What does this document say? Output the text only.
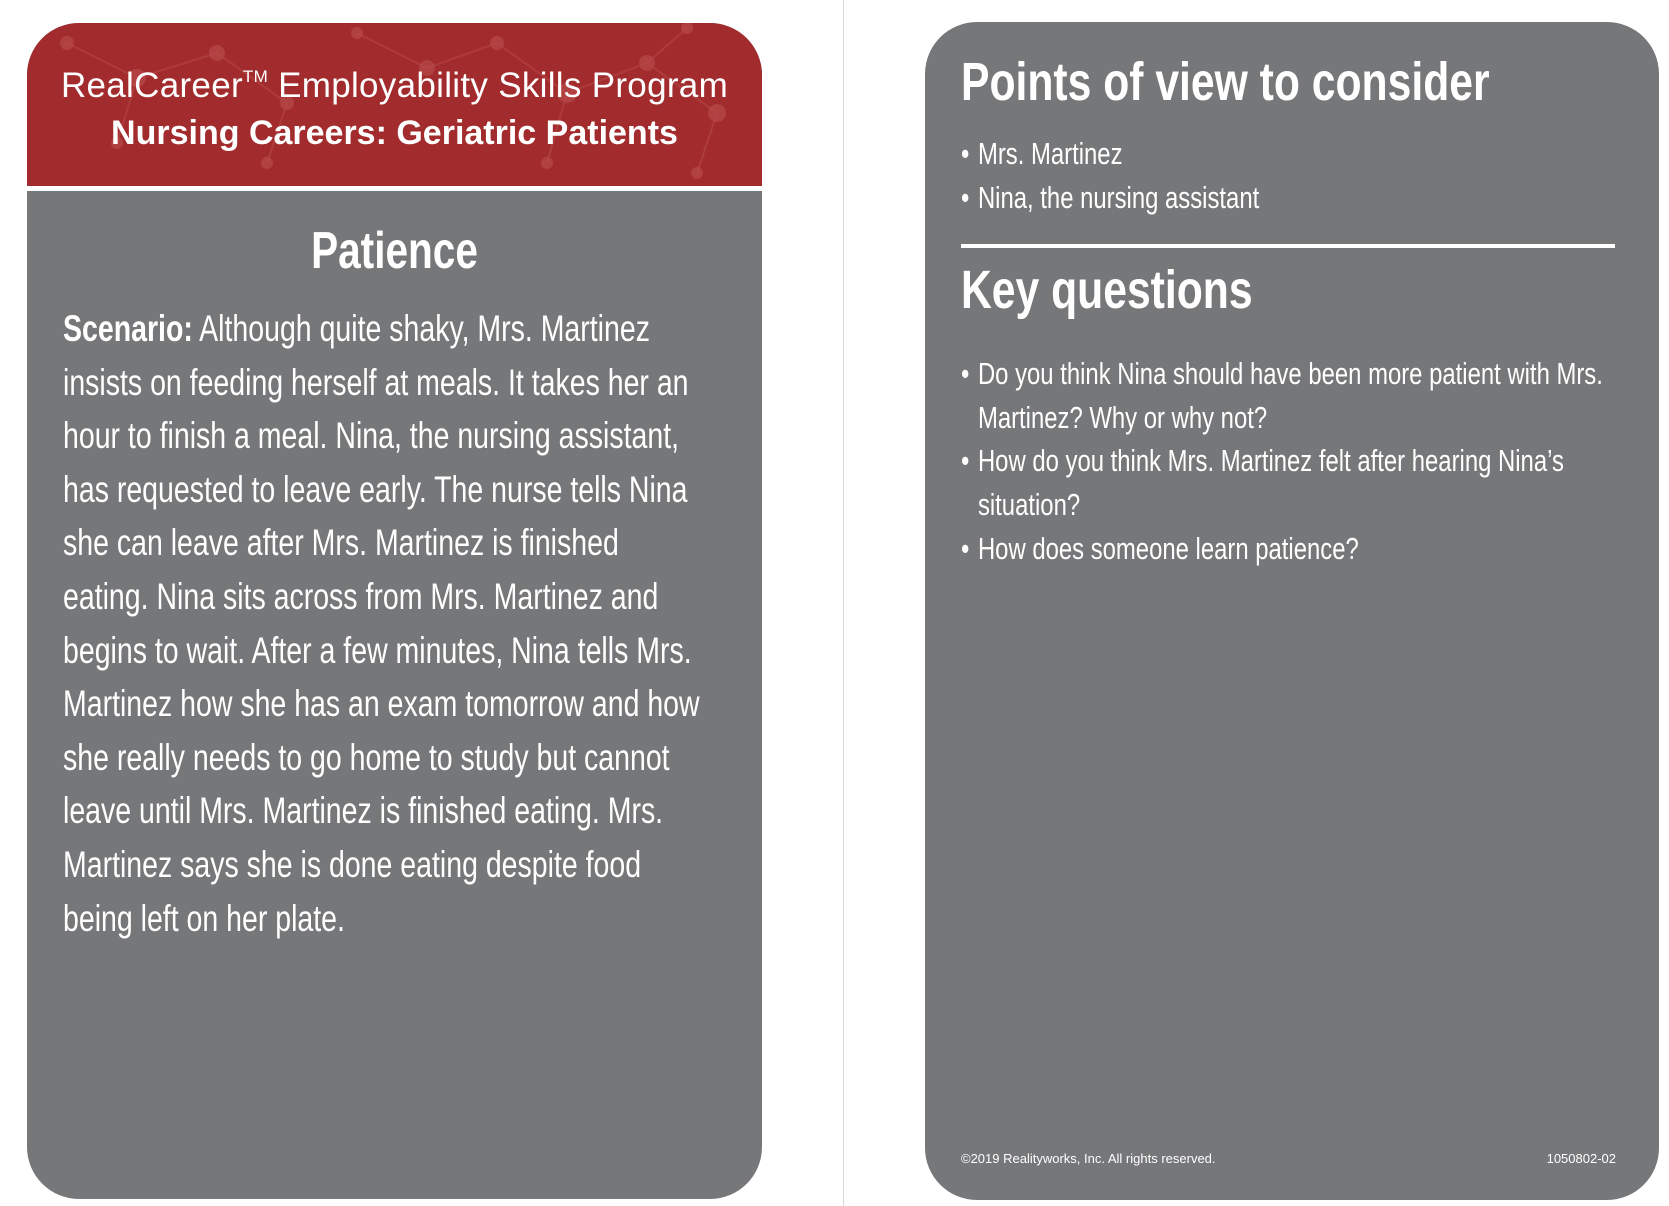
RealCareer™ Employability Skills Program
Nursing Careers: Geriatric Patients
Patience

Scenario: Although quite shaky, Mrs. Martinez insists on feeding herself at meals. It takes her an hour to finish a meal. Nina, the nursing assistant, has requested to leave early. The nurse tells Nina she can leave after Mrs. Martinez is finished eating. Nina sits across from Mrs. Martinez and begins to wait. After a few minutes, Nina tells Mrs. Martinez how she has an exam tomorrow and how she really needs to go home to study but cannot leave until Mrs. Martinez is finished eating. Mrs. Martinez says she is done eating despite food being left on her plate.

Points of view to consider
• Mrs. Martinez
• Nina, the nursing assistant
Key questions
• Do you think Nina should have been more patient with Mrs. Martinez? Why or why not?
• How do you think Mrs. Martinez felt after hearing Nina’s situation?
• How does someone learn patience?
©2019 Realityworks, Inc. All rights reserved.	1050802-02
